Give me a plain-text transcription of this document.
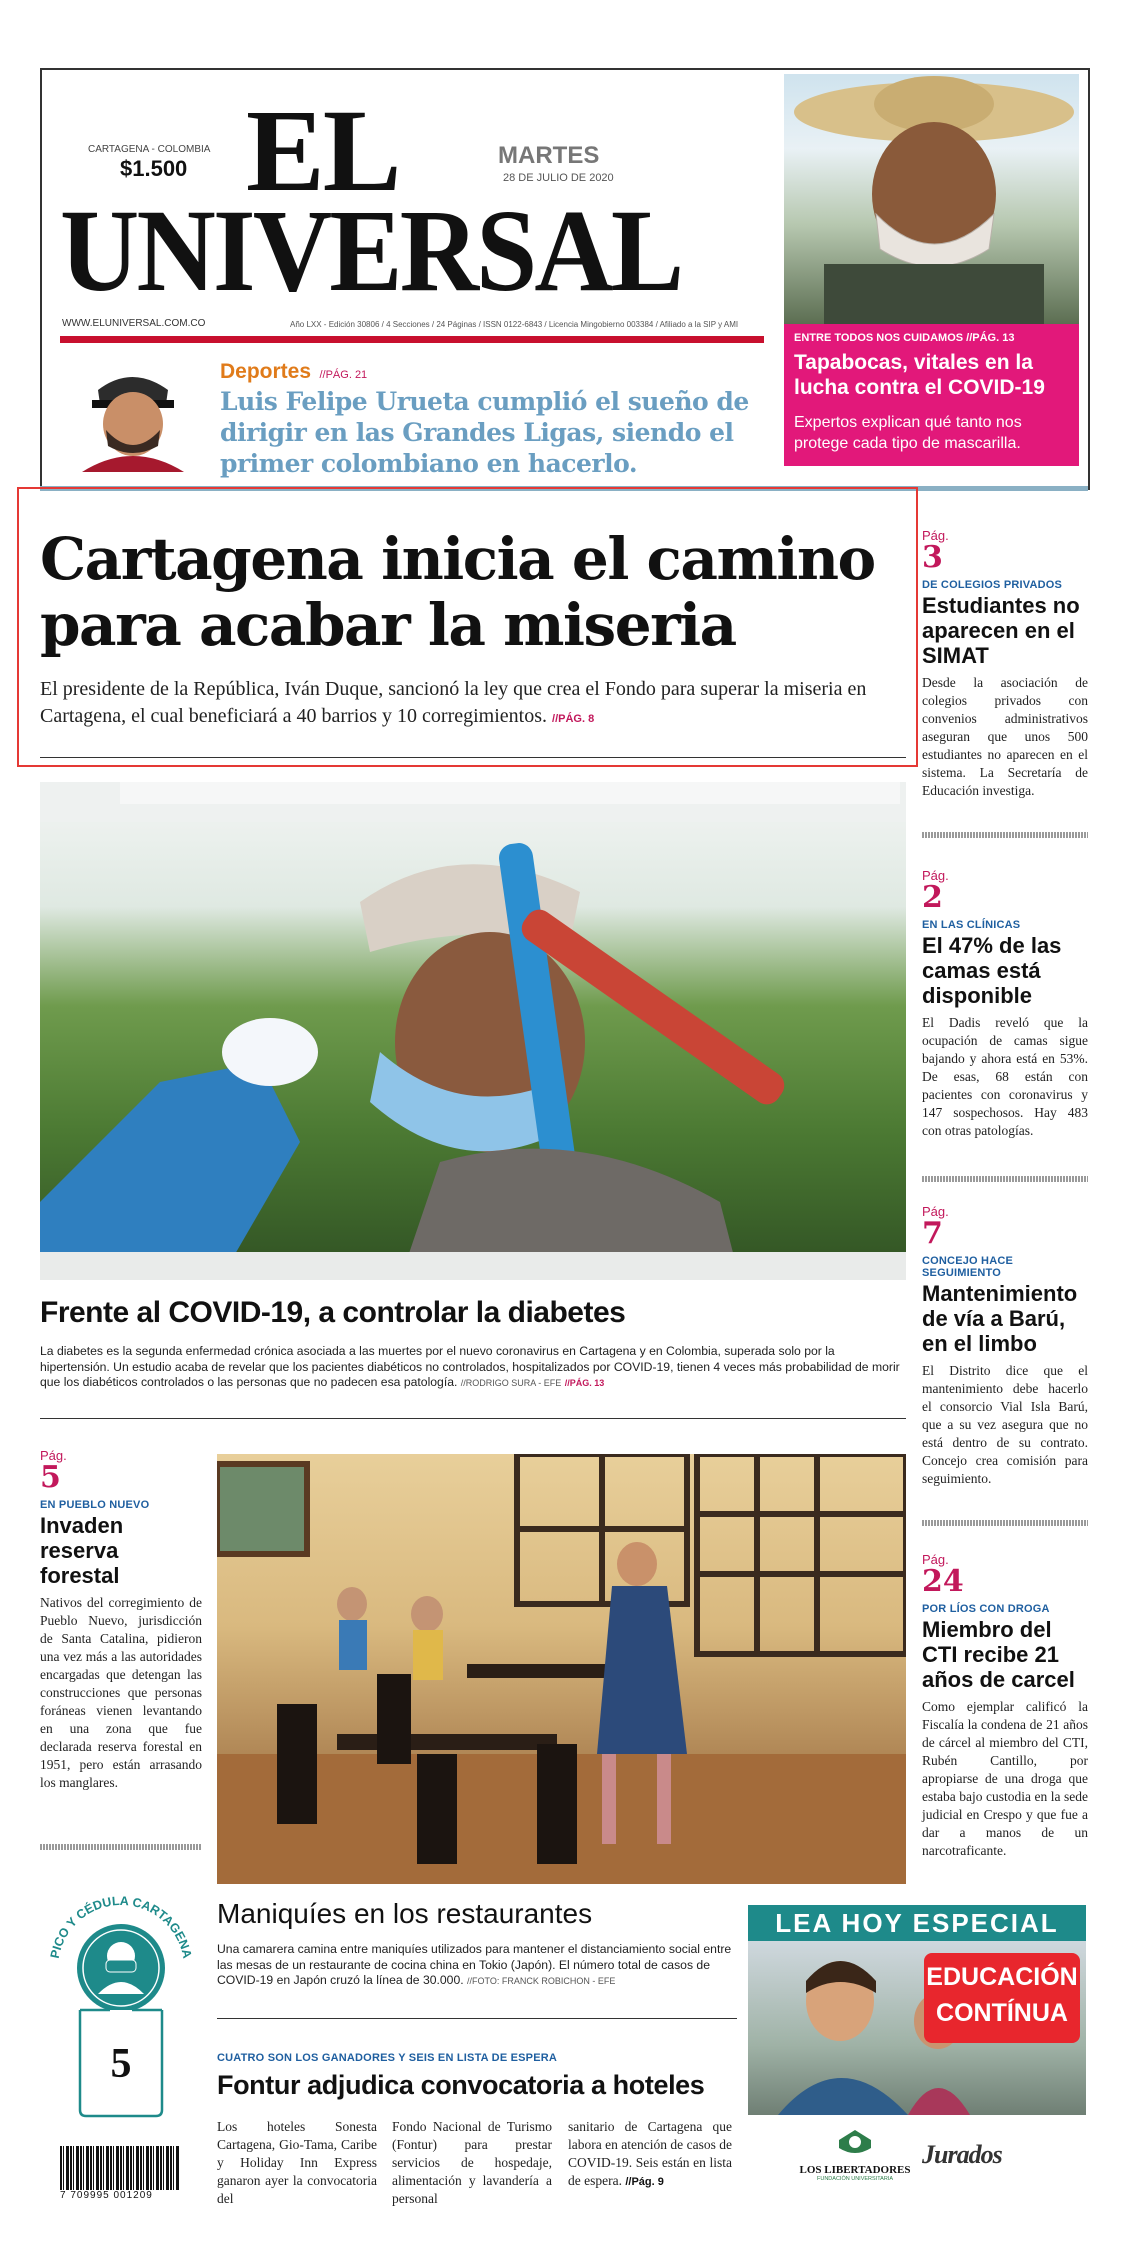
CARTAGENA - COLOMBIA
$1.500 EL
UNIVERSAL
MARTES
28 DE JULIO DE 2020
WWW.ELUNIVERSAL.COM.CO	Año LXX - Edición 30806 / 4 Secciones / 24 Páginas / ISSN 0122-6843 / Licencia Mingobierno 003384 / Afiliado a la SIP y AMI
ENTRE TODOS NOS CUIDAMOS //PÁG. 13
Tapabocas, vitales en la lucha contra el COVID-19
Expertos explican qué tanto nos protege cada tipo de mascarilla.
Deportes //PÁG. 21
Luis Felipe Urueta cumplió el sueño de dirigir en las Grandes Ligas, siendo el primer colombiano en hacerlo.
Cartagena inicia el camino
para acabar la miseria
El presidente de la República, Iván Duque, sancionó la ley que crea el Fondo para superar la miseria en Cartagena, el cual beneficiará a 40 barrios y 10 corregimientos. //PÁG. 8
Frente al COVID-19, a controlar la diabetes
La diabetes es la segunda enfermedad crónica asociada a las muertes por el nuevo coronavirus en Cartagena y en Colombia, superada solo por la hipertensión. Un estudio acaba de revelar que los pacientes diabéticos no controlados, hospitalizados por COVID-19, tienen 4 veces más probabilidad de morir que los diabéticos controlados o las personas que no padecen esa patología. //RODRIGO SURA - EFE //PÁG. 13
Pág.
3
DE COLEGIOS PRIVADOS
Estudiantes no aparecen en el SIMAT
Desde la asociación de colegios privados con convenios administrativos aseguran que unos 500 estudiantes no aparecen en el sistema. La Secretaría de Educación investiga.
Pág.
2
EN LAS CLÍNICAS
El 47% de las camas está disponible
El Dadis reveló que la ocupación de camas sigue bajando y ahora está en 53%. De esas, 68 están con pacientes con coronavirus y 147 sospechosos. Hay 483 con otras patologías.
Pág.
7
CONCEJO HACE SEGUIMIENTO
Mantenimiento de vía a Barú, en el limbo
El Distrito dice que el mantenimiento debe hacerlo el consorcio Vial Isla Barú, que a su vez asegura que no está dentro de su contrato. Concejo crea comisión para seguimiento.
Pág.
24
POR LÍOS CON DROGA
Miembro del CTI recibe 21 años de carcel
Como ejemplar calificó la Fiscalía la condena de 21 años de cárcel al miembro del CTI, Rubén Cantillo, por apropiarse de una droga que estaba bajo custodia en la sede judicial en Crespo y que fue a dar a manos de un narcotraficante.
Pág.
5
EN PUEBLO NUEVO
Invaden reserva forestal
Nativos del corregimiento de Pueblo Nuevo, jurisdicción de Santa Catalina, pidieron una vez más a las autoridades encargadas que detengan las construcciones que personas foráneas vienen levantando en una zona que fue declarada reserva forestal en 1951, pero están arrasando los manglares.
PICO Y CÉDULA CARTAGENA
5
7 709995 001209
Maniquíes en los restaurantes
Una camarera camina entre maniquíes utilizados para mantener el distanciamiento social entre las mesas de un restaurante de cocina china en Tokio (Japón). El número total de casos de COVID-19 en Japón cruzó la línea de 30.000. //FOTO: FRANCK ROBICHON - EFE
CUATRO SON LOS GANADORES Y SEIS EN LISTA DE ESPERA
Fontur adjudica convocatoria a hoteles
Los hoteles Sonesta Cartagena, Gio-Tama, Caribe y Holiday Inn Express ganaron ayer la convocatoria del
Fondo Nacional de Turismo (Fontur) para prestar servicios de hospedaje, alimentación y lavandería a personal
sanitario de Cartagena que labora en atención de casos de COVID-19. Seis están en lista de espera. //Pág. 9
LEA HOY ESPECIAL
EDUCACIÓN
CONTÍNUA
LOS LIBERTADORES
FUNDACIÓN UNIVERSITARIA
Jurados
